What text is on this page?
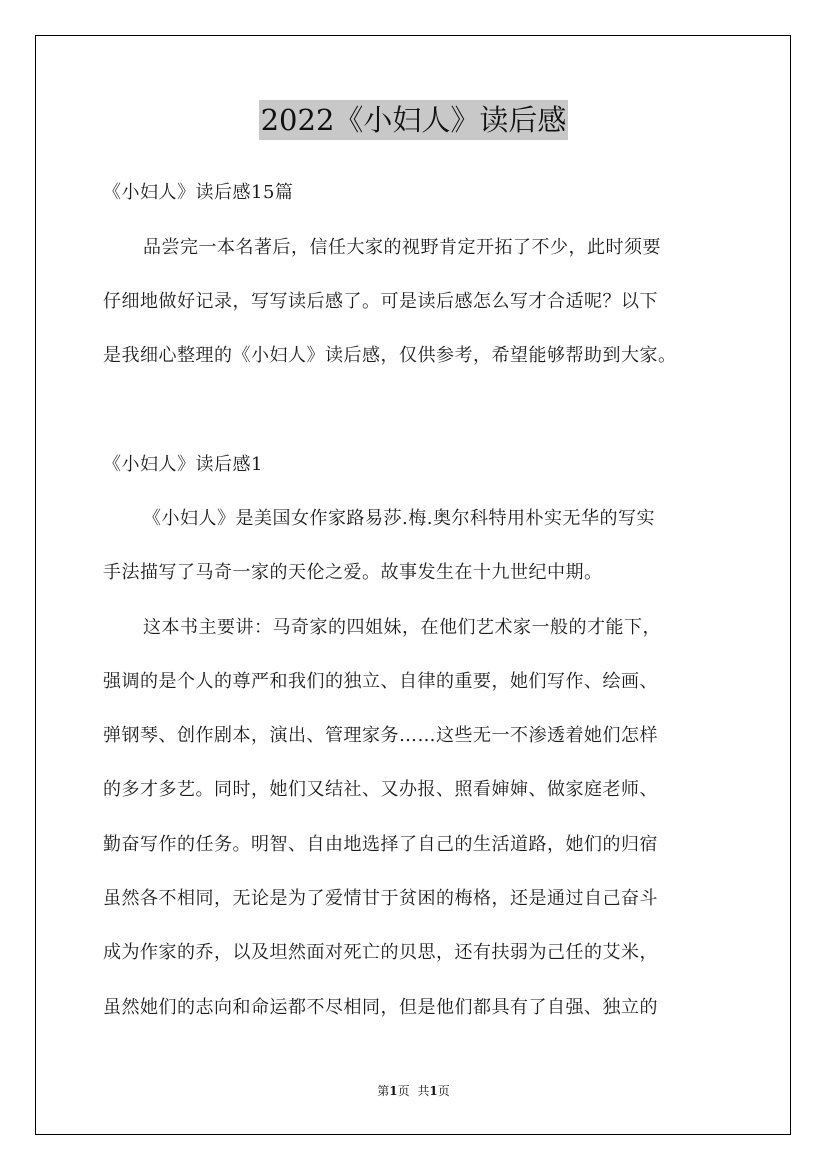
2022《小妇人》读后感
《小妇人》读后感15篇
品尝完一本名著后，信任大家的视野肯定开拓了不少，此时须要
仔细地做好记录，写写读后感了。可是读后感怎么写才合适呢？以下
是我细心整理的《小妇人》读后感，仅供参考，希望能够帮助到大家。
《小妇人》读后感1
《小妇人》是美国女作家路易莎.梅.奥尔科特用朴实无华的写实
手法描写了马奇一家的天伦之爱。故事发生在十九世纪中期。
这本书主要讲：马奇家的四姐妹，在他们艺术家一般的才能下，
强调的是个人的尊严和我们的独立、自律的重要，她们写作、绘画、
弹钢琴、创作剧本，演出、管理家务……这些无一不渗透着她们怎样
的多才多艺。同时，她们又结社、又办报、照看婶婶、做家庭老师、
勤奋写作的任务。明智、自由地选择了自己的生活道路，她们的归宿
虽然各不相同，无论是为了爱情甘于贫困的梅格，还是通过自己奋斗
成为作家的乔，以及坦然面对死亡的贝思，还有扶弱为己任的艾米，
虽然她们的志向和命运都不尽相同，但是他们都具有了自强、独立的
第1页 共1页
